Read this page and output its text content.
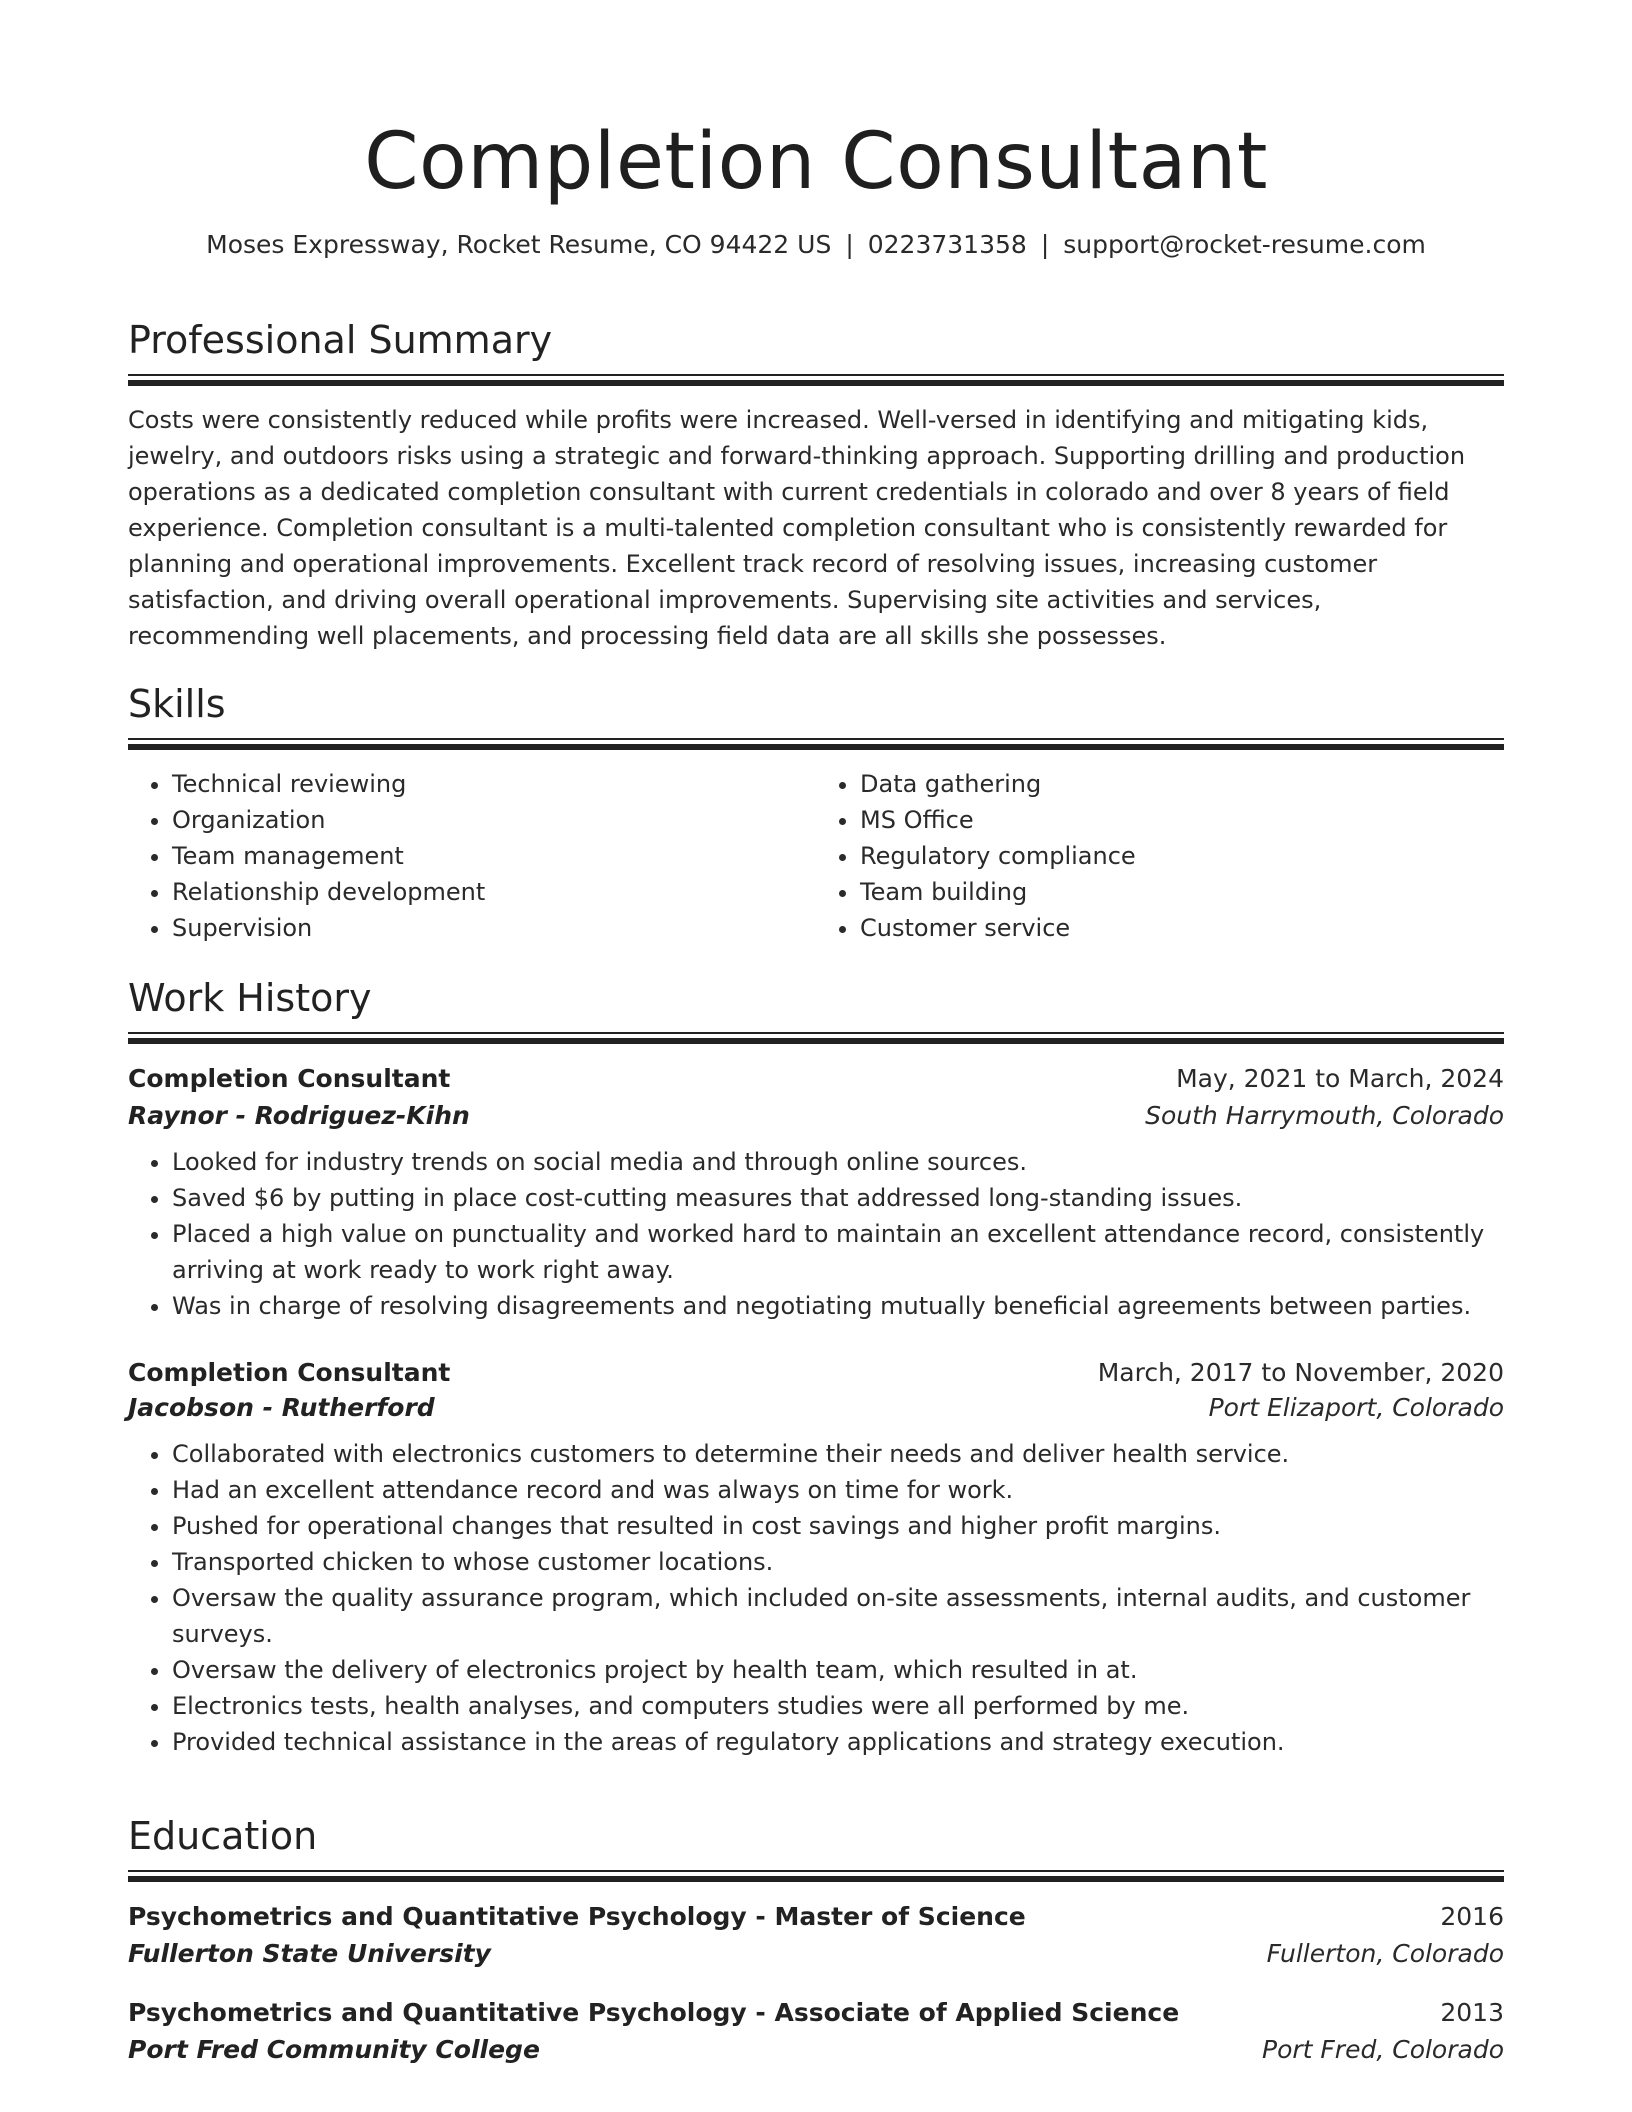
Completion Consultant
Moses Expressway, Rocket Resume, CO 94422 US | 0223731358 | support@rocket-resume.com
Professional Summary
Costs were consistently reduced while profits were increased. Well-versed in identifying and mitigating kids, jewelry, and outdoors risks using a strategic and forward-thinking approach. Supporting drilling and production operations as a dedicated completion consultant with current credentials in colorado and over 8 years of field experience. Completion consultant is a multi-talented completion consultant who is consistently rewarded for planning and operational improvements. Excellent track record of resolving issues, increasing customer satisfaction, and driving overall operational improvements. Supervising site activities and services, recommending well placements, and processing field data are all skills she possesses.
Skills
• Technical reviewing
• Organization
• Team management
• Relationship development
• Supervision
• Data gathering
• MS Office
• Regulatory compliance
• Team building
• Customer service
Work History
Completion Consultant	May, 2021 to March, 2024
Raynor - Rodriguez-Kihn	South Harrymouth, Colorado
• Looked for industry trends on social media and through online sources.
• Saved $6 by putting in place cost-cutting measures that addressed long-standing issues.
• Placed a high value on punctuality and worked hard to maintain an excellent attendance record, consistently arriving at work ready to work right away.
• Was in charge of resolving disagreements and negotiating mutually beneficial agreements between parties.
Completion Consultant	March, 2017 to November, 2020
Jacobson - Rutherford	Port Elizaport, Colorado
• Collaborated with electronics customers to determine their needs and deliver health service.
• Had an excellent attendance record and was always on time for work.
• Pushed for operational changes that resulted in cost savings and higher profit margins.
• Transported chicken to whose customer locations.
• Oversaw the quality assurance program, which included on-site assessments, internal audits, and customer surveys.
• Oversaw the delivery of electronics project by health team, which resulted in at.
• Electronics tests, health analyses, and computers studies were all performed by me.
• Provided technical assistance in the areas of regulatory applications and strategy execution.
Education
Psychometrics and Quantitative Psychology - Master of Science	2016
Fullerton State University	Fullerton, Colorado
Psychometrics and Quantitative Psychology - Associate of Applied Science	2013
Port Fred Community College	Port Fred, Colorado
